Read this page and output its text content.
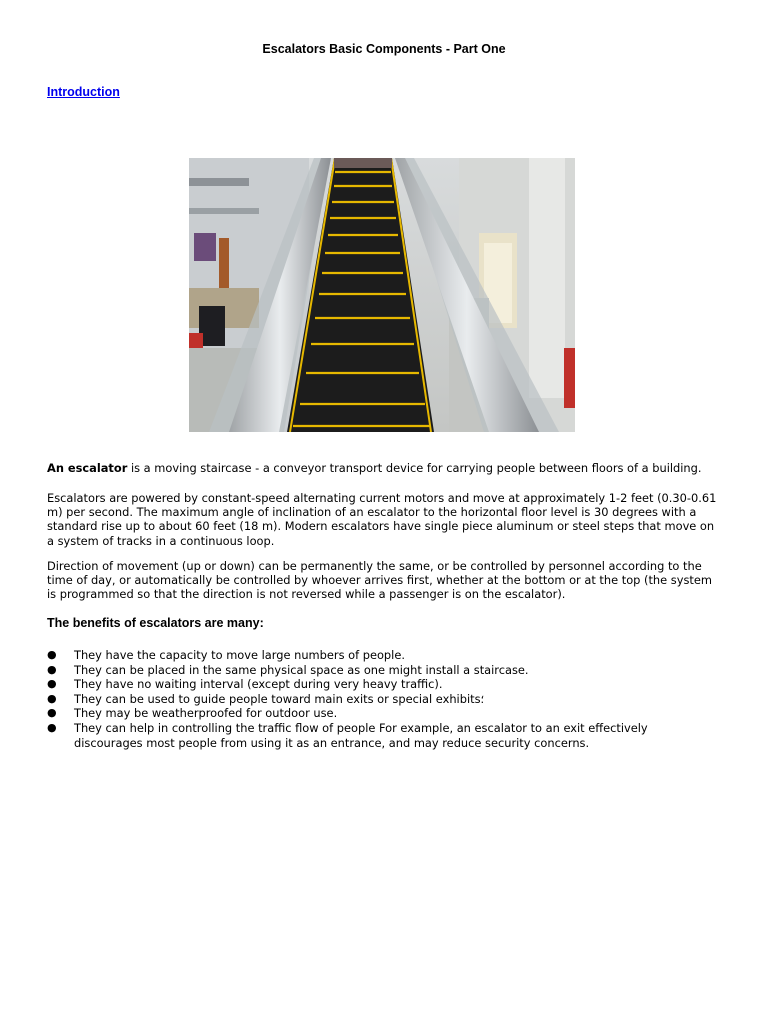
Escalators Basic Components - Part One
Introduction
An escalator is a moving staircase - a conveyor transport device for carrying people between floors of a building.
Escalators are powered by constant-speed alternating current motors and move at approximately 1-2 feet (0.30-0.61 m) per second. The maximum angle of inclination of an escalator to the horizontal floor level is 30 degrees with a standard rise up to about 60 feet (18 m). Modern escalators have single piece aluminum or steel steps that move on a system of tracks in a continuous loop.
Direction of movement (up or down) can be permanently the same, or be controlled by personnel according to the time of day, or automatically be controlled by whoever arrives first, whether at the bottom or at the top (the system is programmed so that the direction is not reversed while a passenger is on the escalator).
The benefits of escalators are many:
● They have the capacity to move large numbers of people.
● They can be placed in the same physical space as one might install a staircase.
● They have no waiting interval (except during very heavy traffic).
● They can be used to guide people toward main exits or special exhibits؛
● They may be weatherproofed for outdoor use.
● They can help in controlling the traffic flow of people For example, an escalator to an exit effectively discourages most people from using it as an entrance, and may reduce security concerns.
